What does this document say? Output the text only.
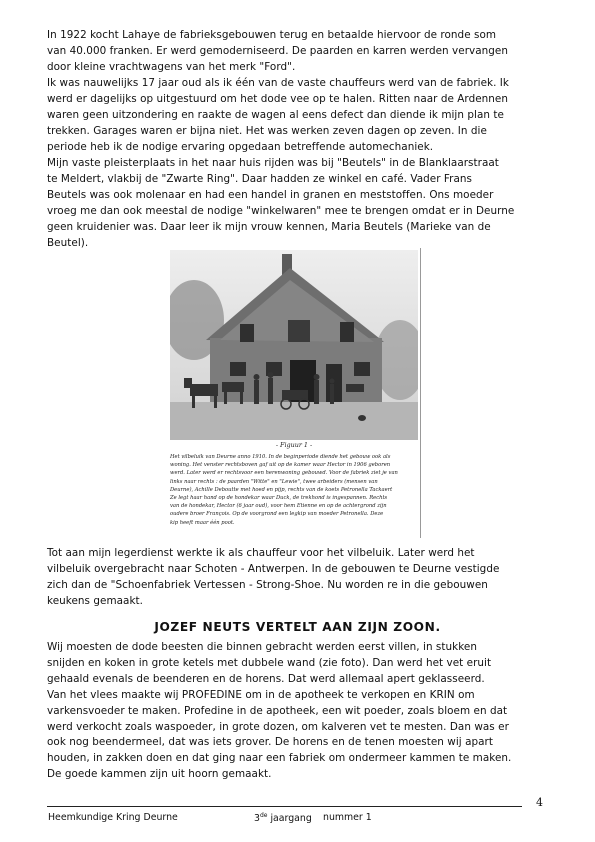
In 1922 kocht Lahaye de fabrieksgebouwen terug en betaalde hiervoor de ronde som
van 40.000 franken. Er werd gemoderniseerd. De paarden en karren werden vervangen
door kleine vrachtwagens van het merk "Ford".
Ik was nauwelijks 17 jaar oud als ik één van de vaste chauffeurs werd van de fabriek. Ik
werd er dagelijks op uitgestuurd om het dode vee op te halen. Ritten naar de Ardennen
waren geen uitzondering en raakte de wagen al eens defect dan diende ik mijn plan te
trekken. Garages waren er bijna niet. Het was werken zeven dagen op zeven. In die
periode heb ik de nodige ervaring opgedaan betreffende automechaniek.
Mijn vaste pleisterplaats in het naar huis rijden was bij "Beutels" in de Blanklaarstraat
te Meldert, vlakbij de "Zwarte Ring". Daar hadden ze winkel en café. Vader Frans
Beutels was ook molenaar en had een handel in granen en meststoffen. Ons moeder
vroeg me dan ook meestal de nodige "winkelwaren" mee te brengen omdat er in Deurne
geen kruidenier was. Daar leer ik mijn vrouw kennen, Maria Beutels (Marieke van de
Beutel).
- Figuur 1 -
Het vilbeluik van Deurne anno 1910. In de beginperiode diende het gebouw ook als
woning. Het venster rechtsboven gaf uit op de kamer waar Hector in 1906 geboren
werd. Later werd er rechtsvoor een herenwoning gebouwd. Voor de fabriek ziet je van
links naar rechts : de paarden "Witte" en "Lewie", twee arbeiders (mensen van
Deurne), Achille Deboutte met hoed en pijp, rechts van de koets Petronella Tackaert
Ze legt haar hand op de hondekar waar Duck, de trekhond is ingespannen. Rechts
van de hondekar, Hector (6 jaar oud), voor hem Etienne en op de achtergrond zijn
oudere broer François. Op de voorgrond een legkip van moeder Petronella. Deze
kip heeft maar één poot.
Tot aan mijn legerdienst werkte ik als chauffeur voor het vilbeluik. Later werd het
vilbeluik overgebracht naar Schoten - Antwerpen. In de gebouwen te Deurne vestigde
zich dan de "Schoenfabriek Vertessen - Strong-Shoe. Nu worden re in die gebouwen
keukens gemaakt.
JOZEF NEUTS VERTELT AAN ZIJN ZOON.
Wij moesten de dode beesten die binnen gebracht werden eerst villen, in stukken
snijden en koken in grote ketels met dubbele wand (zie foto). Dan werd het vet eruit
gehaald evenals de beenderen en de horens. Dat werd allemaal apert geklasseerd.
Van het vlees maakte wij PROFEDINE om in de apotheek te verkopen en KRIN om
varkensvoeder te maken. Profedine in de apotheek, een wit poeder, zoals bloem en dat
werd verkocht zoals waspoeder, in grote dozen, om kalveren vet te mesten. Dan was er
ook nog beendermeel, dat was iets grover. De horens en de tenen moesten wij apart
houden, in zakken doen en dat ging naar een fabriek om ondermeer kammen te maken.
De goede kammen zijn uit hoorn gemaakt.
4
Heemkundige Kring Deurne	3de jaargang nummer 1
